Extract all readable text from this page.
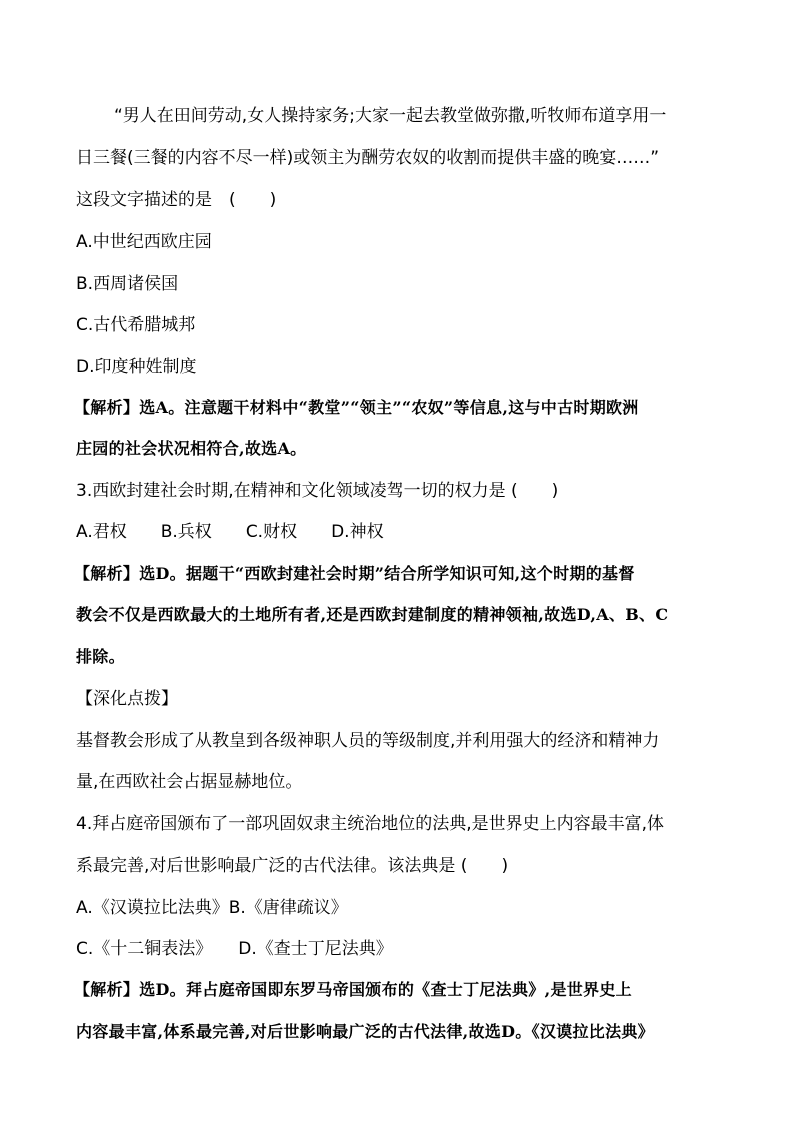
“男人在田间劳动,女人操持家务;大家一起去教堂做弥撒,听牧师布道享用一
日三餐(三餐的内容不尽一样)或领主为酬劳农奴的收割而提供丰盛的晚宴……”
这段文字描述的是　(　　)
A.中世纪西欧庄园
B.西周诸侯国
C.古代希腊城邦
D.印度种姓制度
【解析】选A。注意题干材料中“教堂”“领主”“农奴”等信息,这与中古时期欧洲
庄园的社会状况相符合,故选A。
3.西欧封建社会时期,在精神和文化领域凌驾一切的权力是 (　　)
A.君权 B.兵权 C.财权 D.神权
【解析】选D。据题干“西欧封建社会时期”结合所学知识可知,这个时期的基督
教会不仅是西欧最大的土地所有者,还是西欧封建制度的精神领袖,故选D,A、B、C
排除。
【深化点拨】
基督教会形成了从教皇到各级神职人员的等级制度,并利用强大的经济和精神力
量,在西欧社会占据显赫地位。
4.拜占庭帝国颁布了一部巩固奴隶主统治地位的法典,是世界史上内容最丰富,体
系最完善,对后世影响最广泛的古代法律。该法典是 (　　)
A.《汉谟拉比法典》B.《唐律疏议》
C.《十二铜表法》 D.《查士丁尼法典》
【解析】选D。拜占庭帝国即东罗马帝国颁布的《查士丁尼法典》,是世界史上
内容最丰富,体系最完善,对后世影响最广泛的古代法律,故选D。《汉谟拉比法典》
